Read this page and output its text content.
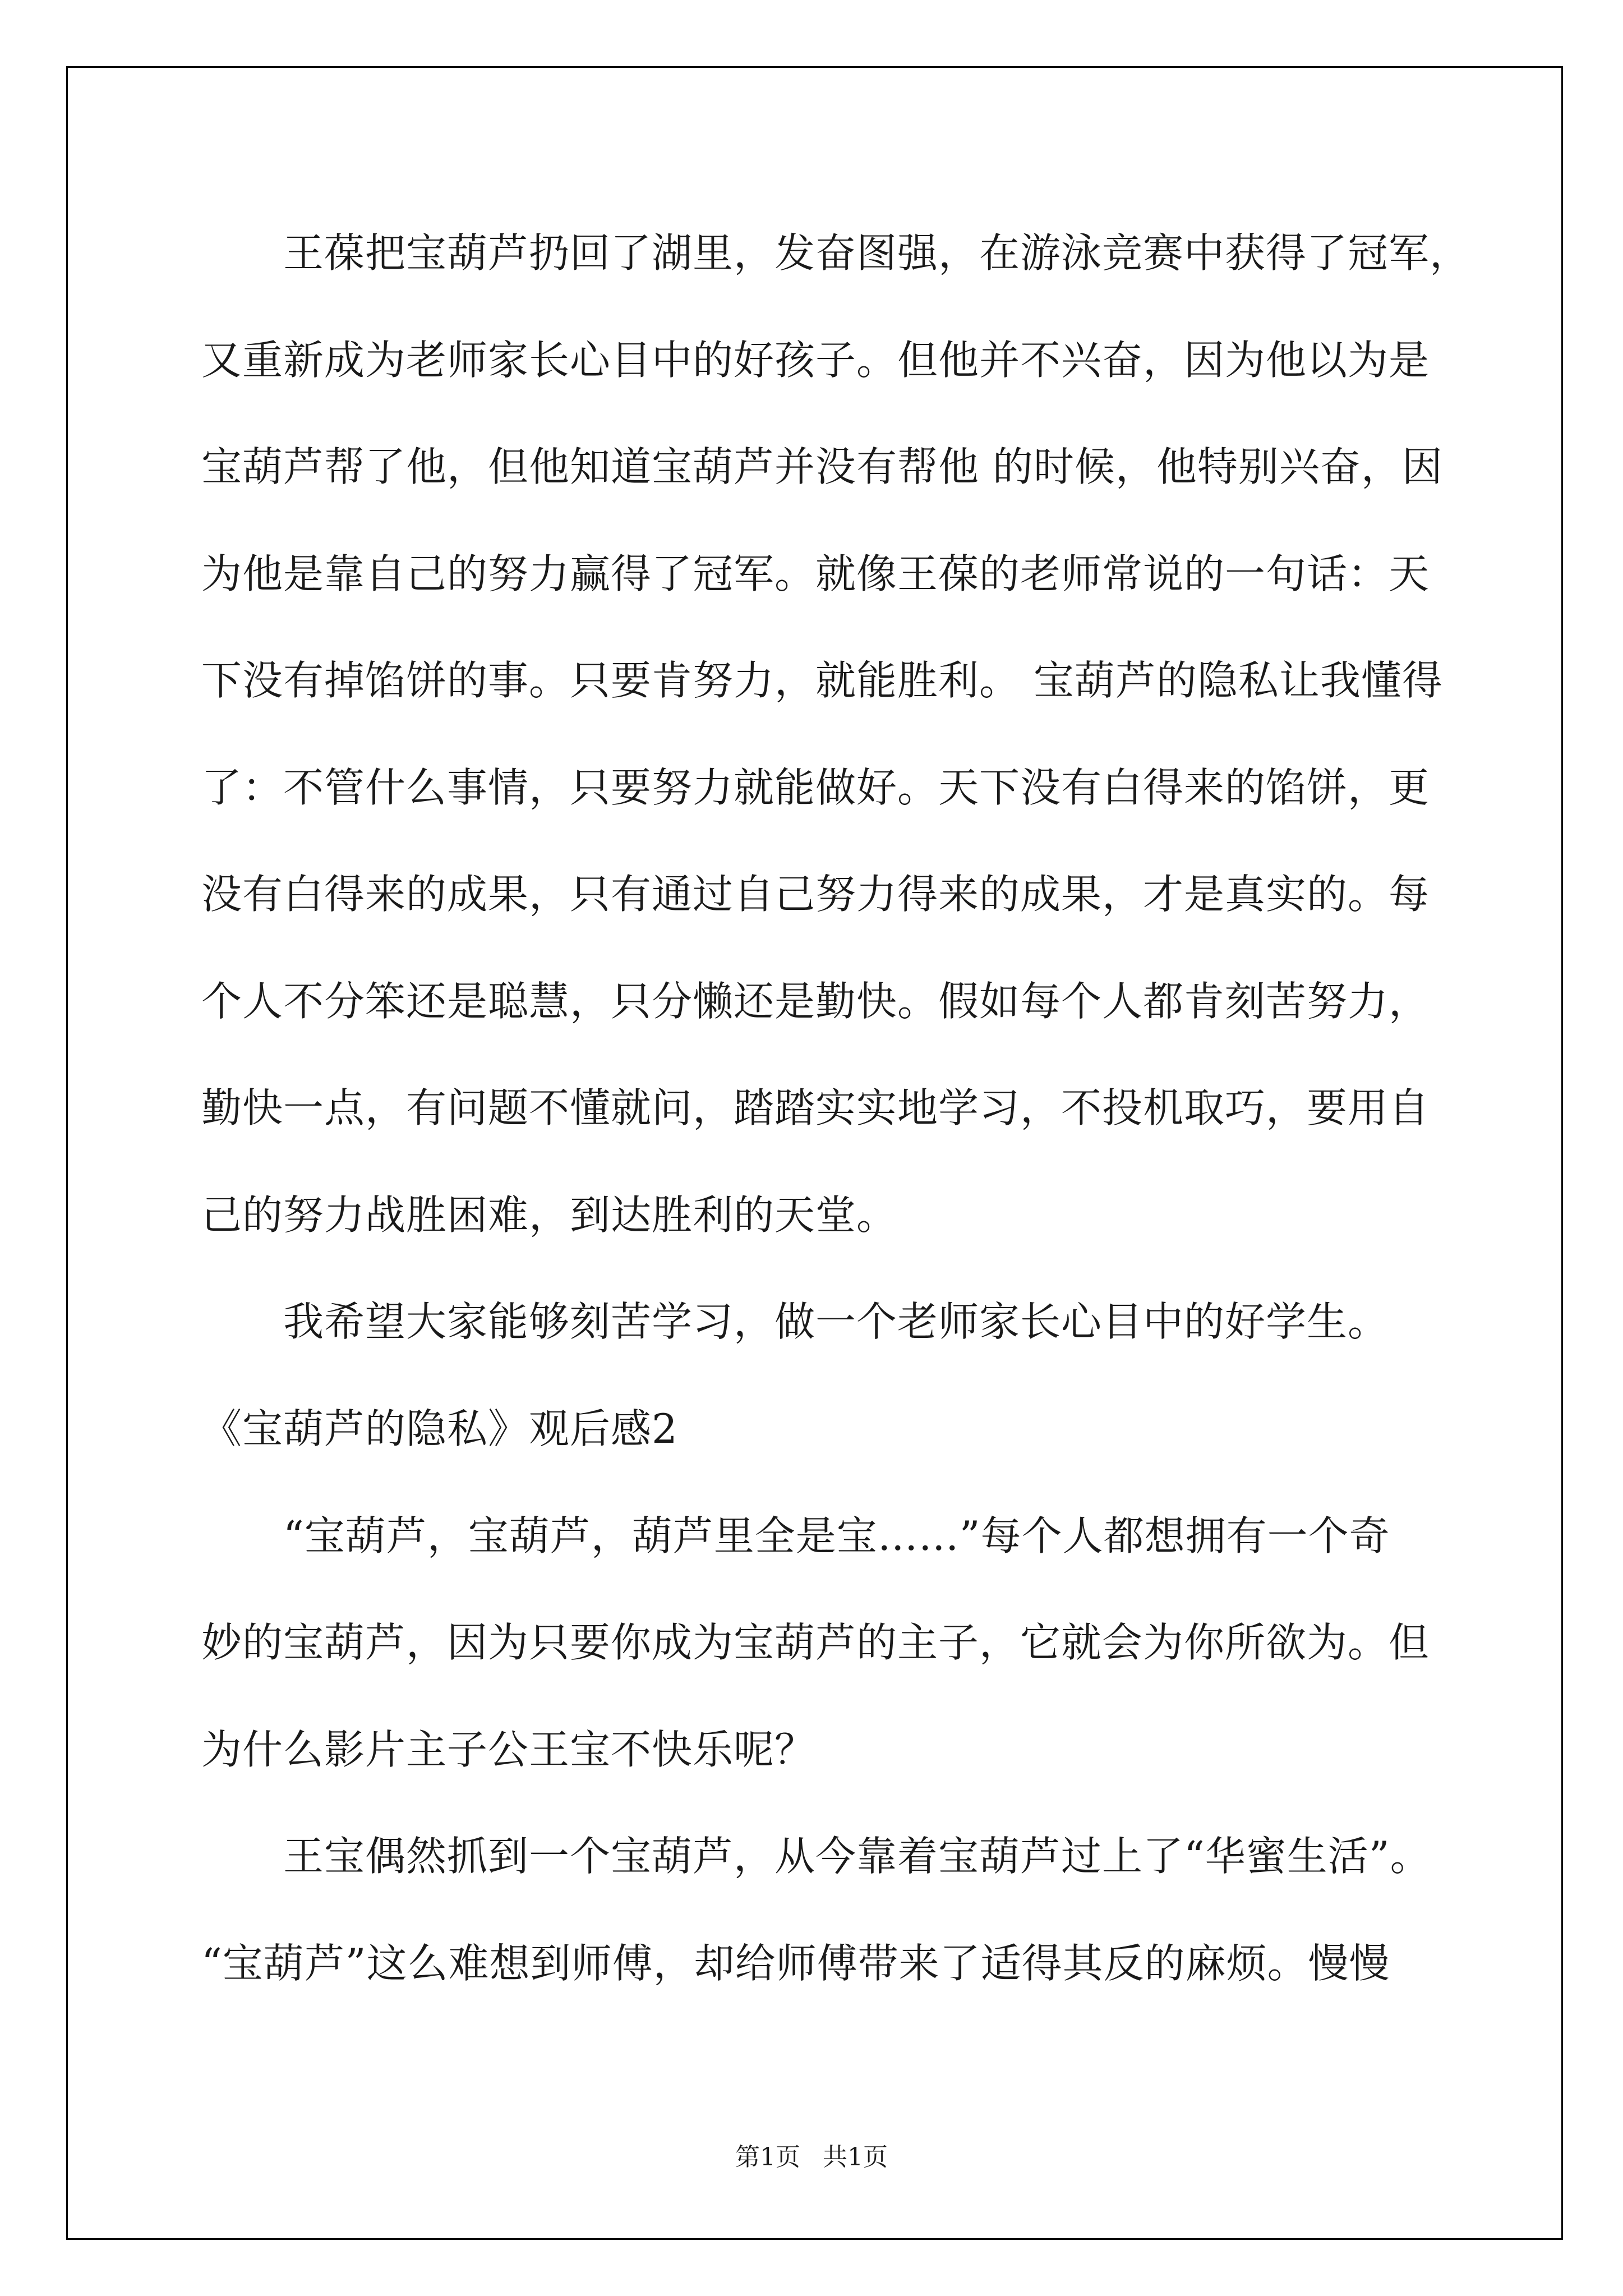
王葆把宝葫芦扔回了湖里，发奋图强，在游泳竞赛中获得了冠军，
又重新成为老师家长心目中的好孩子。但他并不兴奋，因为他以为是
宝葫芦帮了他，但他知道宝葫芦并没有帮他 的时候，他特别兴奋，因
为他是靠自己的努力赢得了冠军。就像王葆的老师常说的一句话：天
下没有掉馅饼的事。只要肯努力，就能胜利。 宝葫芦的隐私让我懂得
了：不管什么事情，只要努力就能做好。天下没有白得来的馅饼，更
没有白得来的成果，只有通过自己努力得来的成果，才是真实的。每
个人不分笨还是聪慧，只分懒还是勤快。假如每个人都肯刻苦努力，
勤快一点，有问题不懂就问，踏踏实实地学习，不投机取巧，要用自
己的努力战胜困难，到达胜利的天堂。
我希望大家能够刻苦学习，做一个老师家长心目中的好学生。
《宝葫芦的隐私》观后感2
“宝葫芦，宝葫芦，葫芦里全是宝……”每个人都想拥有一个奇
妙的宝葫芦，因为只要你成为宝葫芦的主子，它就会为你所欲为。但
为什么影片主子公王宝不快乐呢？
王宝偶然抓到一个宝葫芦，从今靠着宝葫芦过上了“华蜜生活”。
“宝葫芦”这么难想到师傅，却给师傅带来了适得其反的麻烦。慢慢
第1页 共1页
